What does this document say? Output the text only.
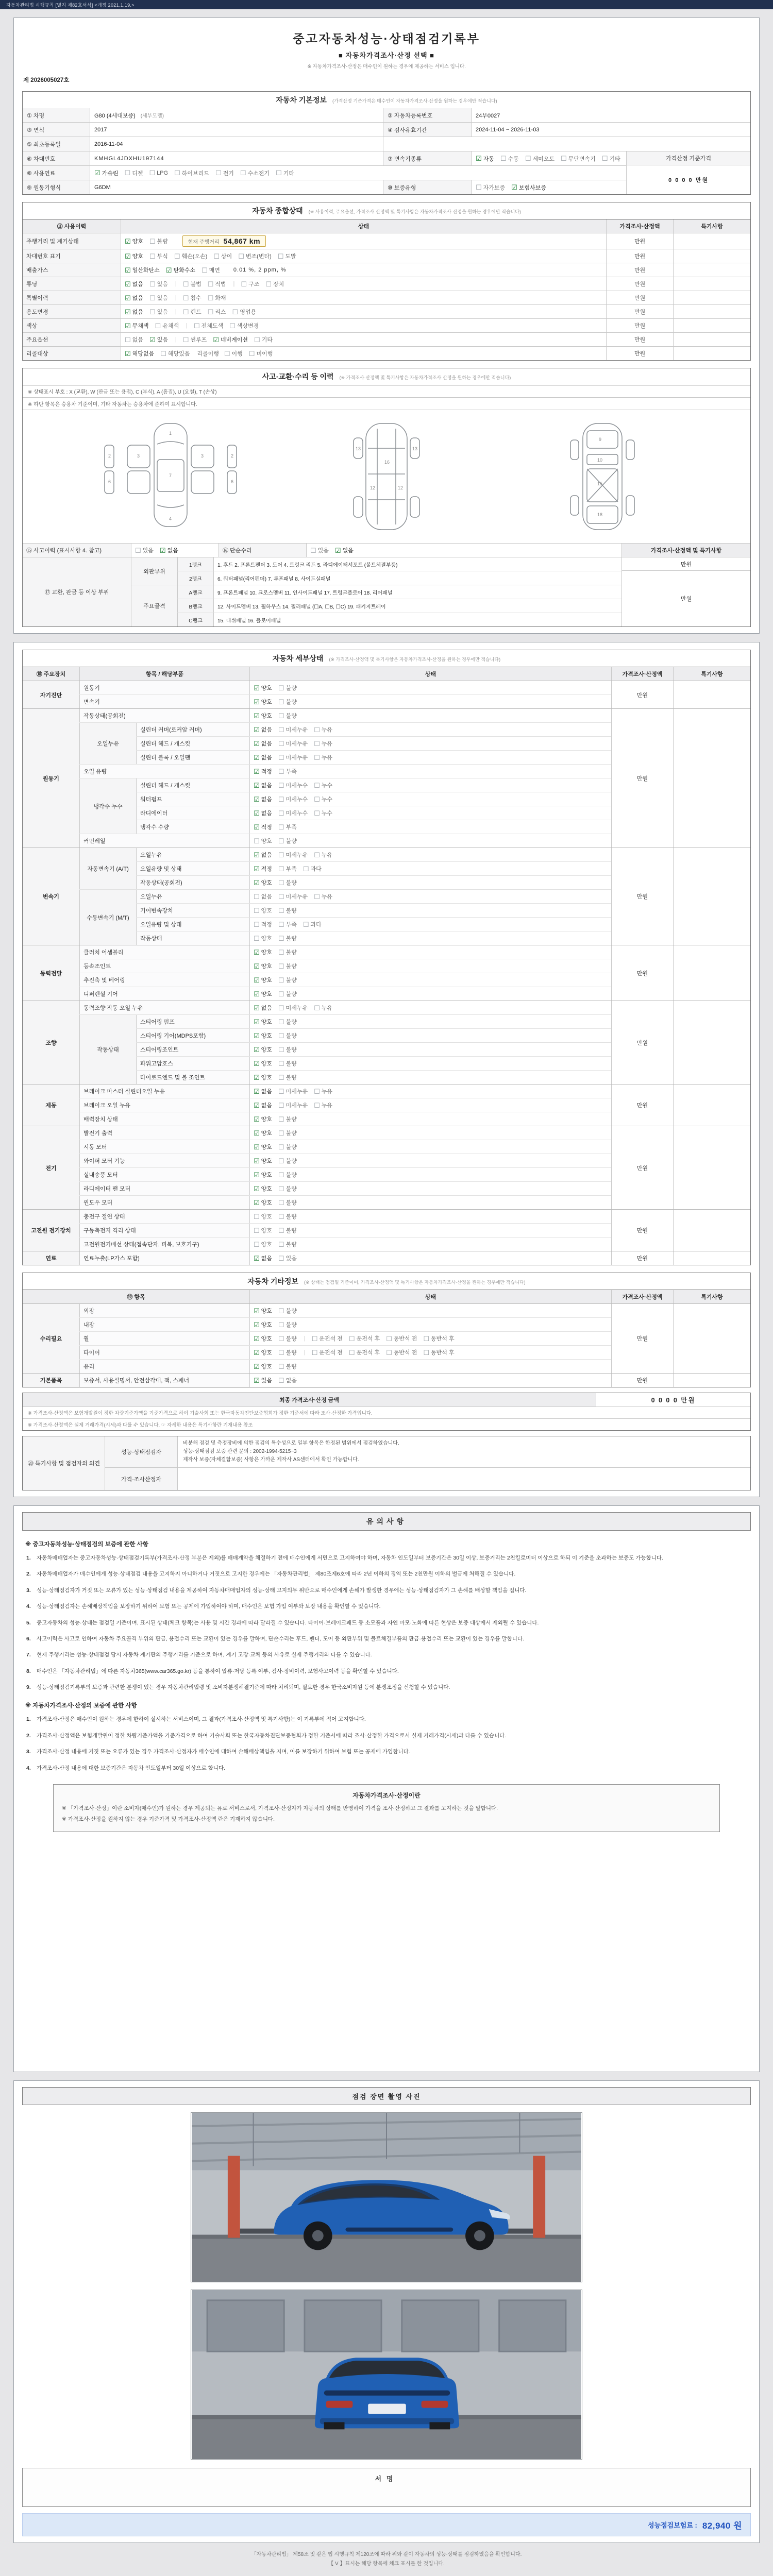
자동차관리법 시행규칙 [별지 제82호서식] <개정 2021.1.19.>
중고자동차성능·상태점검기록부
■ 자동차가격조사·산정 선택 ■
※ 자동차가격조사·산정은 매수인이 원하는 경우에 제공하는 서비스 입니다.
제 2026005027호
자동차 기본정보 (가격산정 기준가격은 매수인이 자동차가격조사·산정을 원하는 경우에만 적습니다)
① 차명	G80 (4세대보증) (세부모델)	② 자동차등록번호	24부0027
③ 연식	2017	④ 검사유효기간	2024-11-04 ~ 2026-11-03
⑤ 최초등록일	2016-11-04
⑥ 차대번호	KMHGL4JDXHU197144	⑦ 변속기종류	☑ 자동 ☐ 수동 ☐ 세미오토 ☐ 무단변속기 ☐ 기타	가격산정 기준가격
0 0 0 0 만원
⑧ 사용연료	☑ 가솔린 ☐ 디젤 ☐ LPG ☐ 하이브리드 ☐ 전기 ☐ 수소전기 ☐ 기타
⑨ 원동기형식	G6DM	⑩ 보증유형	☐ 자가보증 ☑ 보험사보증
자동차 종합상태 (※ 사용이력, 주요옵션, 가격조사·산정액 및 특기사항은 자동차가격조사·산정을 원하는 경우에만 적습니다)
⑪ 사용이력	상태	가격조사·산정액	특기사항
주행거리 및 계기상태	☑ 양호 ☐ 불량	현재 주행거리 54,867 km	만원
차대번호 표기	☑ 양호 ☐ 부식 ☐ 훼손(오손) ☐ 상이 ☐ 변조(변타) ☐ 도말	만원
배출가스	☑ 일산화탄소 ☑ 탄화수소 ☐ 매연 0.01 %, 2 ppm, %	만원
튜닝	☑ 없음 ☐ 있음 | ☐ 불법 ☐ 적법 | ☐ 구조 ☐ 장치	만원
특별이력	☑ 없음 ☐ 있음 | ☐ 침수 ☐ 화재	만원
용도변경	☑ 없음 ☐ 있음 | ☐ 렌트 ☐ 리스 ☐ 영업용	만원
색상	☑ 무채색 ☐ 유채색 | ☐ 전체도색 ☐ 색상변경	만원
주요옵션	☐ 없음 ☑ 있음 | ☐ 썬루프 ☑ 네비게이션 ☐ 기타	만원
리콜대상	☑ 해당없음 ☐ 해당있음 리콜이행 ☐ 이행 ☐ 미이행	만원
사고·교환·수리 등 이력 (※ 가격조사·산정액 및 특기사항은 자동차가격조사·산정을 원하는 경우에만 적습니다)
※ 상태표시 부호 : X (교환), W (판금 또는 용접), C (부식), A (흠집), U (요철), T (손상)
※ 하단 항목은 승용차 기준이며, 기타 자동차는 승용차에 준하여 표시합니다.
1
7
3	3
2	2
4
6	6
16
12	12
13	13
9
10
15
18
⑮ 사고이력 (표시사항 4. 참고)	☐ 있음 ☑ 없음	⑯ 단순수리	☐ 있음 ☑ 없음
⑰ 교환, 판금 등 이상 부위
외판부위
1랭크	1. 후드 2. 프론트펜더 3. 도어 4. 트렁크 리드 5. 라디에이터서포트 (볼트체결부품)
2랭크	6. 쿼터패널(리어펜더) 7. 루프패널 8. 사이드실패널
주요골격
A랭크	9. 프론트패널 10. 크로스멤버 11. 인사이드패널 17. 트렁크플로어 18. 리어패널
B랭크	12. 사이드멤버 13. 휠하우스 14. 필러패널 (☐A, ☐B, ☐C) 19. 패키지트레이
C랭크	15. 대쉬패널 16. 플로어패널
가격조사·산정액 및 특기사항
만원
만원
자동차 세부상태 (※ 가격조사·산정액 및 특기사항은 자동차가격조사·산정을 원하는 경우에만 적습니다)
⑱ 주요장치	항목 / 해당부품	상태	가격조사·산정액	특기사항
자기진단
원동기	☑ 양호 ☐ 불량
변속기	☑ 양호 ☐ 불량
만원
원동기
작동상태(공회전)	☑ 양호 ☐ 불량
오일누유
실린더 커버(로커암 커버)	☑ 없음 ☐ 미세누유 ☐ 누유
실린더 헤드 / 개스킷	☑ 없음 ☐ 미세누유 ☐ 누유
실린더 블록 / 오일팬	☑ 없음 ☐ 미세누유 ☐ 누유
오일 유량	☑ 적정 ☐ 부족
냉각수 누수
실린더 헤드 / 개스킷	☑ 없음 ☐ 미세누수 ☐ 누수
워터펌프	☑ 없음 ☐ 미세누수 ☐ 누수
라디에이터	☑ 없음 ☐ 미세누수 ☐ 누수
냉각수 수량	☑ 적정 ☐ 부족
커먼레일	☐ 양호 ☐ 불량
만원
변속기
자동변속기 (A/T)
오일누유	☑ 없음 ☐ 미세누유 ☐ 누유
오일유량 및 상태	☑ 적정 ☐ 부족 ☐ 과다
작동상태(공회전)	☑ 양호 ☐ 불량
수동변속기 (M/T)
오일누유	☐ 없음 ☐ 미세누유 ☐ 누유
기어변속장치	☐ 양호 ☐ 불량
오일유량 및 상태	☐ 적정 ☐ 부족 ☐ 과다
작동상태	☐ 양호 ☐ 불량
만원
동력전달
클러치 어셈블리	☑ 양호 ☐ 불량
등속조인트	☑ 양호 ☐ 불량
추진축 및 베어링	☑ 양호 ☐ 불량
디퍼렌셜 기어	☑ 양호 ☐ 불량
만원
조향
동력조향 작동 오일 누유	☑ 없음 ☐ 미세누유 ☐ 누유
작동상태
스티어링 펌프	☑ 양호 ☐ 불량
스티어링 기어(MDPS포함)	☑ 양호 ☐ 불량
스티어링조인트	☑ 양호 ☐ 불량
파워고압호스	☑ 양호 ☐ 불량
타이로드엔드 및 볼 조인트	☑ 양호 ☐ 불량
만원
제동
브레이크 마스터 실린더오일 누유	☑ 없음 ☐ 미세누유 ☐ 누유
브레이크 오일 누유	☑ 없음 ☐ 미세누유 ☐ 누유
배력장치 상태	☑ 양호 ☐ 불량
만원
전기
발전기 출력	☑ 양호 ☐ 불량
시동 모터	☑ 양호 ☐ 불량
와이퍼 모터 기능	☑ 양호 ☐ 불량
실내송풍 모터	☑ 양호 ☐ 불량
라디에이터 팬 모터	☑ 양호 ☐ 불량
윈도우 모터	☑ 양호 ☐ 불량
만원
고전원 전기장치
충전구 절연 상태	☐ 양호 ☐ 불량
구동축전지 격리 상태	☐ 양호 ☐ 불량
고전원전기배선 상태(접속단자, 피복, 보호기구)	☐ 양호 ☐ 불량
만원
연료	연료누출(LP가스 포함)	☑ 없음 ☐ 있음	만원
자동차 기타정보 (※ 상태는 점검일 기준이며, 가격조사·산정액 및 특기사항은 자동차가격조사·산정을 원하는 경우에만 적습니다)
⑲ 항목	상태	가격조사·산정액	특기사항
수리필요
외장	☑ 양호 ☐ 불량
내장	☑ 양호 ☐ 불량
휠	☑ 양호 ☐ 불량 | ☐ 운전석 전 ☐ 운전석 후 ☐ 동반석 전 ☐ 동반석 후
타이어	☑ 양호 ☐ 불량 | ☐ 운전석 전 ☐ 운전석 후 ☐ 동반석 전 ☐ 동반석 후
유리	☑ 양호 ☐ 불량
만원
기본품목	보증서, 사용설명서, 안전삼각대, 잭, 스패너	☑ 있음 ☐ 없음	만원
최종 가격조사·산정 금액	0 0 0 0 만원
※ 가격조사·산정액은 보험개발원이 정한 차량기준가액을 기준가격으로 하여 기술사회 또는 한국자동차진단보증협회가 정한 기준서에 따라 조사·산정한 가격입니다.
※ 가격조사·산정액은 실제 거래가격(시세)과 다를 수 있습니다. ☞ 자세한 내용은 특기사항란 기재내용 참조
⑳ 특기사항 및 점검자의 의견
성능·상태점검자
비분해 점검 및 측정장비에 의한 점검의 특수성으로 일부 항목은 한정된 범위에서 점검하였습니다.
성능·상태점검 보증 관련 문의 : 2002-1994-5215~3
제작사 보증(자체결함보증) 사항은 가까운 제작사 AS센터에서 확인 가능합니다.
가격·조사산정자
유의사항
※ 중고자동차성능·상태점검의 보증에 관한 사항
1.	자동차매매업자는 중고자동차성능·상태점검기록부(가격조사·산정 부분은 제외)를 매매계약을 체결하기 전에 매수인에게 서면으로 고지하여야 하며, 자동차 인도일부터 보증기간은 30일 이상, 보증거리는 2천킬로미터 이상으로 하되 이 기준을 초과하는 보증도 가능합니다.
2.	자동차매매업자가 매수인에게 성능·상태점검 내용을 고지하지 아니하거나 거짓으로 고지한 경우에는 「자동차관리법」 제80조제6호에 따라 2년 이하의 징역 또는 2천만원 이하의 벌금에 처해질 수 있습니다.
3.	성능·상태점검자가 거짓 또는 오류가 있는 성능·상태점검 내용을 제공하여 자동차매매업자의 성능·상태 고지의무 위반으로 매수인에게 손해가 발생한 경우에는 성능·상태점검자가 그 손해를 배상할 책임을 집니다.
4.	성능·상태점검자는 손해배상책임을 보장하기 위하여 보험 또는 공제에 가입하여야 하며, 매수인은 보험 가입 여부와 보장 내용을 확인할 수 있습니다.
5.	중고자동차의 성능·상태는 점검일 기준이며, 표시된 상태(체크 항목)는 사용 및 시간 경과에 따라 달라질 수 있습니다. 타이어·브레이크패드 등 소모품과 자연 마모·노화에 따른 현상은 보증 대상에서 제외될 수 있습니다.
6.	사고이력은 사고로 인하여 자동차 주요골격 부위의 판금, 용접수리 또는 교환이 있는 경우를 말하며, 단순수리는 후드, 펜더, 도어 등 외판부위 및 볼트체결부품의 판금·용접수리 또는 교환이 있는 경우를 말합니다.
7.	현재 주행거리는 성능·상태점검 당시 자동차 계기판의 주행거리를 기준으로 하며, 계기 고장·교체 등의 사유로 실제 주행거리와 다를 수 있습니다.
8.	매수인은 「자동차관리법」에 따른 자동차365(www.car365.go.kr) 등을 통하여 압류·저당 등록 여부, 검사·정비이력, 보험사고이력 등을 확인할 수 있습니다.
9.	성능·상태점검기록부의 보증과 관련한 분쟁이 있는 경우 자동차관리법령 및 소비자분쟁해결기준에 따라 처리되며, 필요한 경우 한국소비자원 등에 분쟁조정을 신청할 수 있습니다.
※ 자동차가격조사·산정의 보증에 관한 사항
1.	가격조사·산정은 매수인이 원하는 경우에 한하여 실시하는 서비스이며, 그 결과(가격조사·산정액 및 특기사항)는 이 기록부에 적어 고지합니다.
2.	가격조사·산정액은 보험개발원이 정한 차량기준가액을 기준가격으로 하여 기술사회 또는 한국자동차진단보증협회가 정한 기준서에 따라 조사·산정한 가격으로서 실제 거래가격(시세)과 다를 수 있습니다.
3.	가격조사·산정 내용에 거짓 또는 오류가 있는 경우 가격조사·산정자가 매수인에 대하여 손해배상책임을 지며, 이를 보장하기 위하여 보험 또는 공제에 가입합니다.
4.	가격조사·산정 내용에 대한 보증기간은 자동차 인도일부터 30일 이상으로 합니다.
자동차가격조사·산정이란
※ 「가격조사·산정」이란 소비자(매수인)가 원하는 경우 제공되는 유료 서비스로서, 가격조사·산정자가 자동차의 상태를 반영하여 가격을 조사·산정하고 그 결과를 고지하는 것을 말합니다.
※ 가격조사·산정을 원하지 않는 경우 기준가격 및 가격조사·산정액 란은 기재하지 않습니다.
점검 장면 촬영 사진
서명
성능점검보험료 : 82,940 원
「자동차관리법」 제58조 및 같은 법 시행규칙 제120조에 따라 위와 같이 자동차의 성능·상태를 점검하였음을 확인합니다.
【 V 】표시는 해당 항목에 체크 표시를 한 것입니다.
